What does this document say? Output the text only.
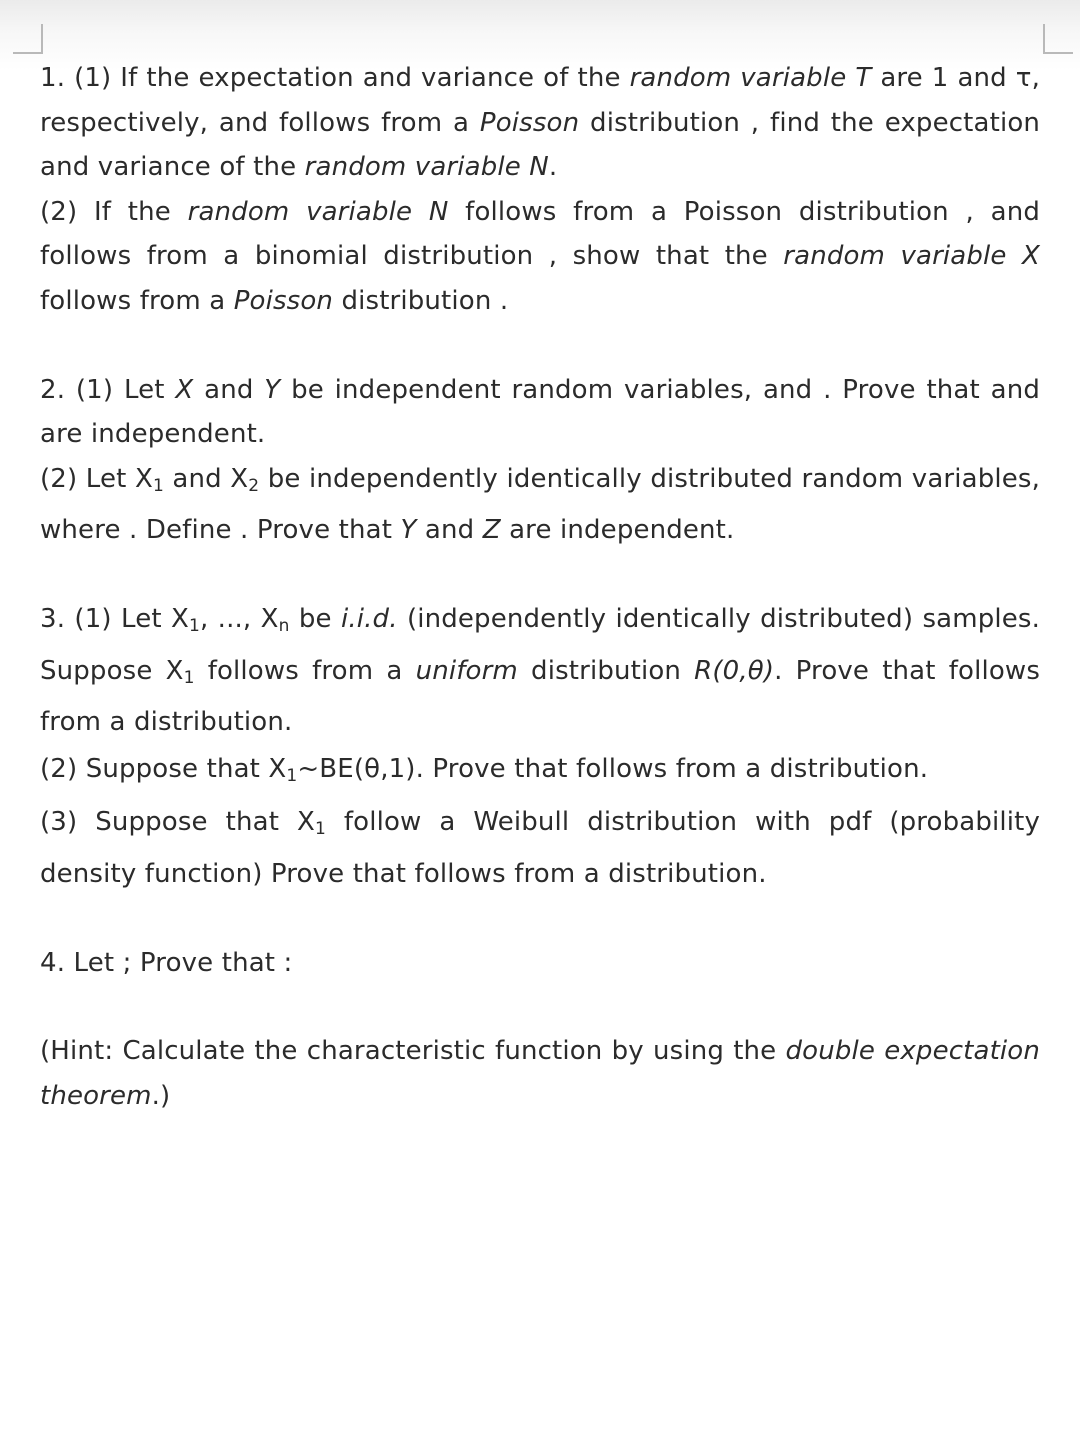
1. (1) If the expectation and variance of the random variable T are 1 and τ, respectively, and follows from a Poisson distribution , find the expectation and variance of the random variable N.

(2) If the random variable N follows from a Poisson distribution , and follows from a binomial distribution , show that the random variable X follows from a Poisson distribution .

2. (1) Let X and Y be independent random variables, and . Prove that and are independent.

(2) Let $X_1$ and $X_2$ be independently identically distributed random variables, where . Define . Prove that Y and Z are independent.

3. (1) Let $X_1$, ..., $X_n$ be i.i.d. (independently identically distributed) samples. Suppose $X_1$ follows from a uniform distribution R(0,θ). Prove that follows from a distribution.

(2) Suppose that $X_1\sim BE(\theta,1)$. Prove that follows from a distribution.

(3) Suppose that $X_1$ follow a Weibull distribution with pdf (probability density function) Prove that follows from a distribution.

4. Let ; Prove that :

(Hint: Calculate the characteristic function by using the double expectation theorem.)
